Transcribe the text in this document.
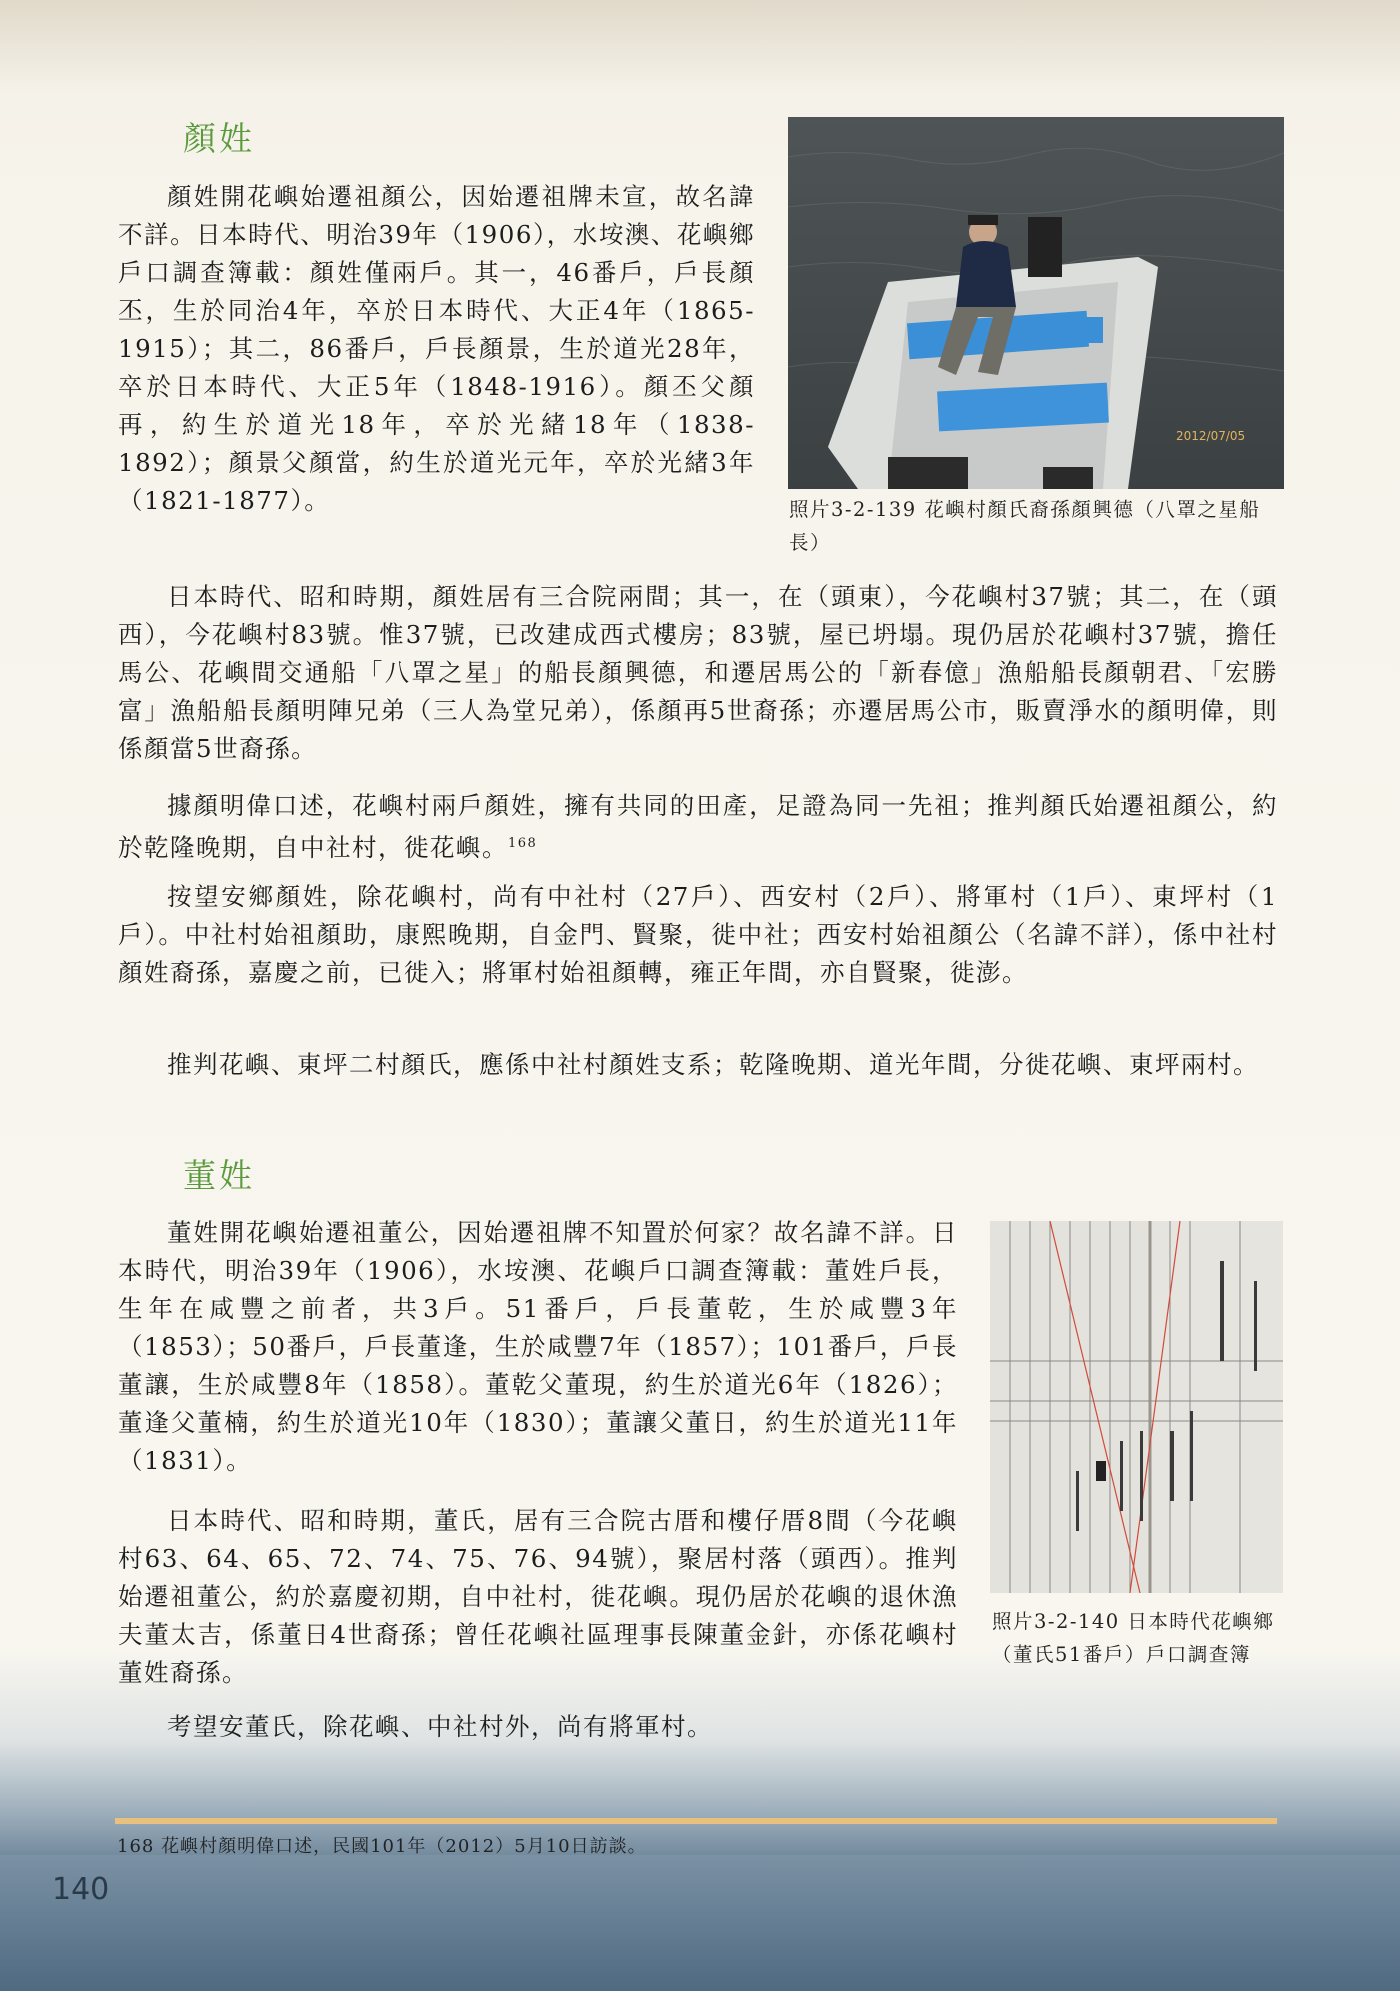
顏姓

顏姓開花嶼始遷祖顏公，因始遷祖牌未宣，故名諱不詳。日本時代、明治39年（1906），水垵澳、花嶼鄉戶口調查簿載：顏姓僅兩戶。其一，46番戶，戶長顏丕，生於同治4年，卒於日本時代、大正4年（1865-1915）；其二，86番戶，戶長顏景，生於道光28年，卒於日本時代、大正5年（1848-1916）。顏丕父顏再，約生於道光18年，卒於光緒18年（1838-1892）；顏景父顏當，約生於道光元年，卒於光緒3年（1821-1877）。

2012/07/05
照片3-2-139 花嶼村顏氏裔孫顏興德（八罩之星船長）

日本時代、昭和時期，顏姓居有三合院兩間；其一，在（頭東），今花嶼村37號；其二，在（頭西），今花嶼村83號。惟37號，已改建成西式樓房；83號，屋已坍塌。現仍居於花嶼村37號，擔任馬公、花嶼間交通船「八罩之星」的船長顏興德，和遷居馬公的「新春億」漁船船長顏朝君、「宏勝富」漁船船長顏明陣兄弟（三人為堂兄弟），係顏再5世裔孫；亦遷居馬公市，販賣淨水的顏明偉，則係顏當5世裔孫。

據顏明偉口述，花嶼村兩戶顏姓，擁有共同的田產，足證為同一先祖；推判顏氏始遷祖顏公，約於乾隆晚期，自中社村，徙花嶼。$^{168}$

按望安鄉顏姓，除花嶼村，尚有中社村（27戶）、西安村（2戶）、將軍村（1戶）、東坪村（1戶）。中社村始祖顏助，康熙晚期，自金門、賢聚，徙中社；西安村始祖顏公（名諱不詳），係中社村顏姓裔孫，嘉慶之前，已徙入；將軍村始祖顏轉，雍正年間，亦自賢聚，徙澎。

推判花嶼、東坪二村顏氏，應係中社村顏姓支系；乾隆晚期、道光年間，分徙花嶼、東坪兩村。

董姓

董姓開花嶼始遷祖董公，因始遷祖牌不知置於何家？故名諱不詳。日本時代，明治39年（1906），水垵澳、花嶼戶口調查簿載：董姓戶長，生年在咸豐之前者，共3戶。51番戶，戶長董乾，生於咸豐3年（1853）；50番戶，戶長董逢，生於咸豐7年（1857）；101番戶，戶長董讓，生於咸豐8年（1858）。董乾父董現，約生於道光6年（1826）；董逢父董楠，約生於道光10年（1830）；董讓父董日，約生於道光11年（1831）。

照片3-2-140 日本時代花嶼鄉（董氏51番戶）戶口調查簿

日本時代、昭和時期，董氏，居有三合院古厝和樓仔厝8間（今花嶼村63、64、65、72、74、75、76、94號），聚居村落（頭西）。推判始遷祖董公，約於嘉慶初期，自中社村，徙花嶼。現仍居於花嶼的退休漁夫董太吉，係董日4世裔孫；曾任花嶼社區理事長陳董金針，亦係花嶼村董姓裔孫。

考望安董氏，除花嶼、中社村外，尚有將軍村。

168 花嶼村顏明偉口述，民國101年（2012）5月10日訪談。
140
